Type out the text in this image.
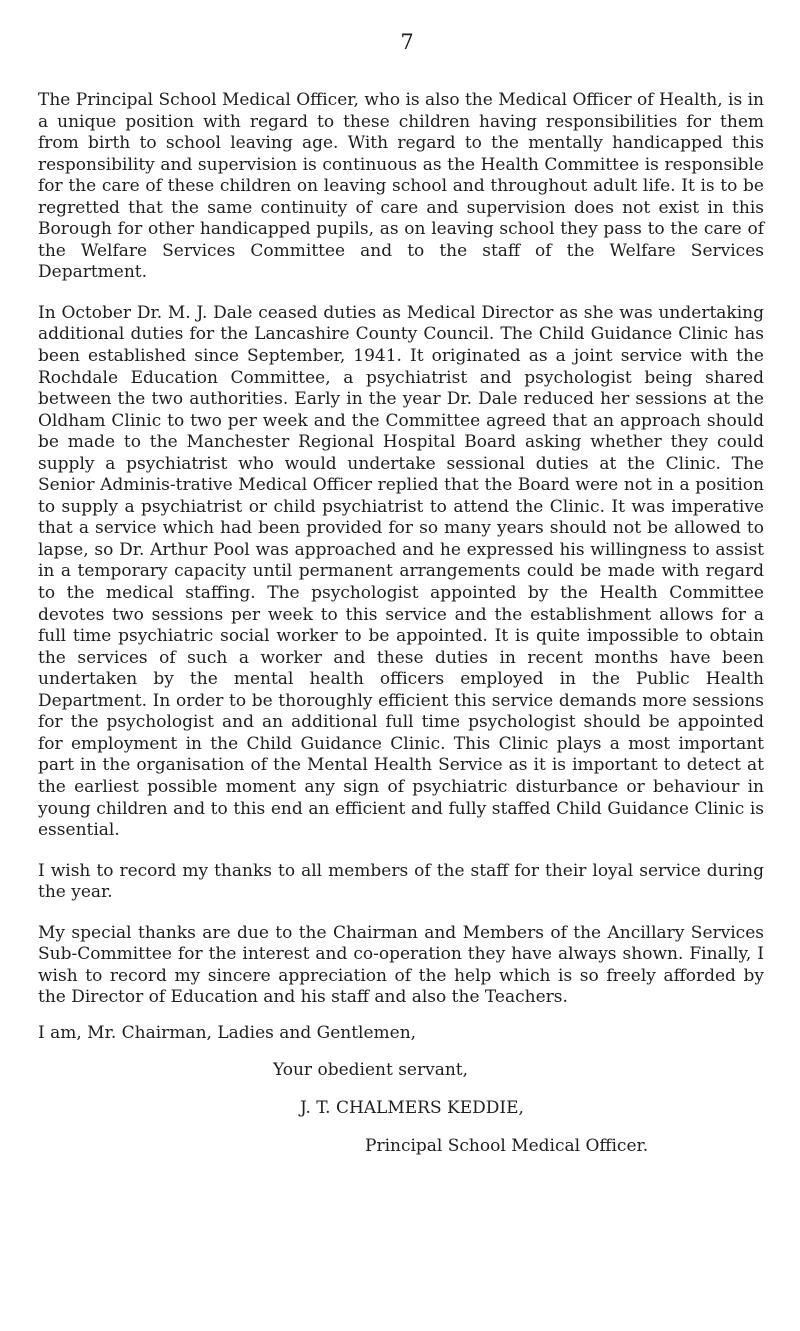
7

The Principal School Medical Officer, who is also the Medical Officer of Health, is in a unique position with regard to these children having responsibilities for them from birth to school leaving age. With regard to the mentally handicapped this responsibility and supervision is continuous as the Health Committee is responsible for the care of these children on leaving school and throughout adult life. It is to be regretted that the same continuity of care and supervision does not exist in this Borough for other handicapped pupils, as on leaving school they pass to the care of the Welfare Services Committee and to the staff of the Welfare Services Department.

In October Dr. M. J. Dale ceased duties as Medical Director as she was undertaking additional duties for the Lancashire County Council. The Child Guidance Clinic has been established since September, 1941. It originated as a joint service with the Rochdale Education Committee, a psychiatrist and psychologist being shared between the two authorities. Early in the year Dr. Dale reduced her sessions at the Oldham Clinic to two per week and the Committee agreed that an approach should be made to the Manchester Regional Hospital Board asking whether they could supply a psychiatrist who would undertake sessional duties at the Clinic. The Senior Adminis-trative Medical Officer replied that the Board were not in a position to supply a psychiatrist or child psychiatrist to attend the Clinic. It was imperative that a service which had been provided for so many years should not be allowed to lapse, so Dr. Arthur Pool was approached and he expressed his willingness to assist in a temporary capacity until permanent arrangements could be made with regard to the medical staffing. The psychologist appointed by the Health Committee devotes two sessions per week to this service and the establishment allows for a full time psychiatric social worker to be appointed. It is quite impossible to obtain the services of such a worker and these duties in recent months have been undertaken by the mental health officers employed in the Public Health Department. In order to be thoroughly efficient this service demands more sessions for the psychologist and an additional full time psychologist should be appointed for employment in the Child Guidance Clinic. This Clinic plays a most important part in the organisation of the Mental Health Service as it is important to detect at the earliest possible moment any sign of psychiatric disturbance or behaviour in young children and to this end an efficient and fully staffed Child Guidance Clinic is essential.

I wish to record my thanks to all members of the staff for their loyal service during the year.

My special thanks are due to the Chairman and Members of the Ancillary Services Sub-Committee for the interest and co-operation they have always shown. Finally, I wish to record my sincere appreciation of the help which is so freely afforded by the Director of Education and his staff and also the Teachers.

I am, Mr. Chairman, Ladies and Gentlemen,
Your obedient servant,
J. T. CHALMERS KEDDIE,
Principal School Medical Officer.
